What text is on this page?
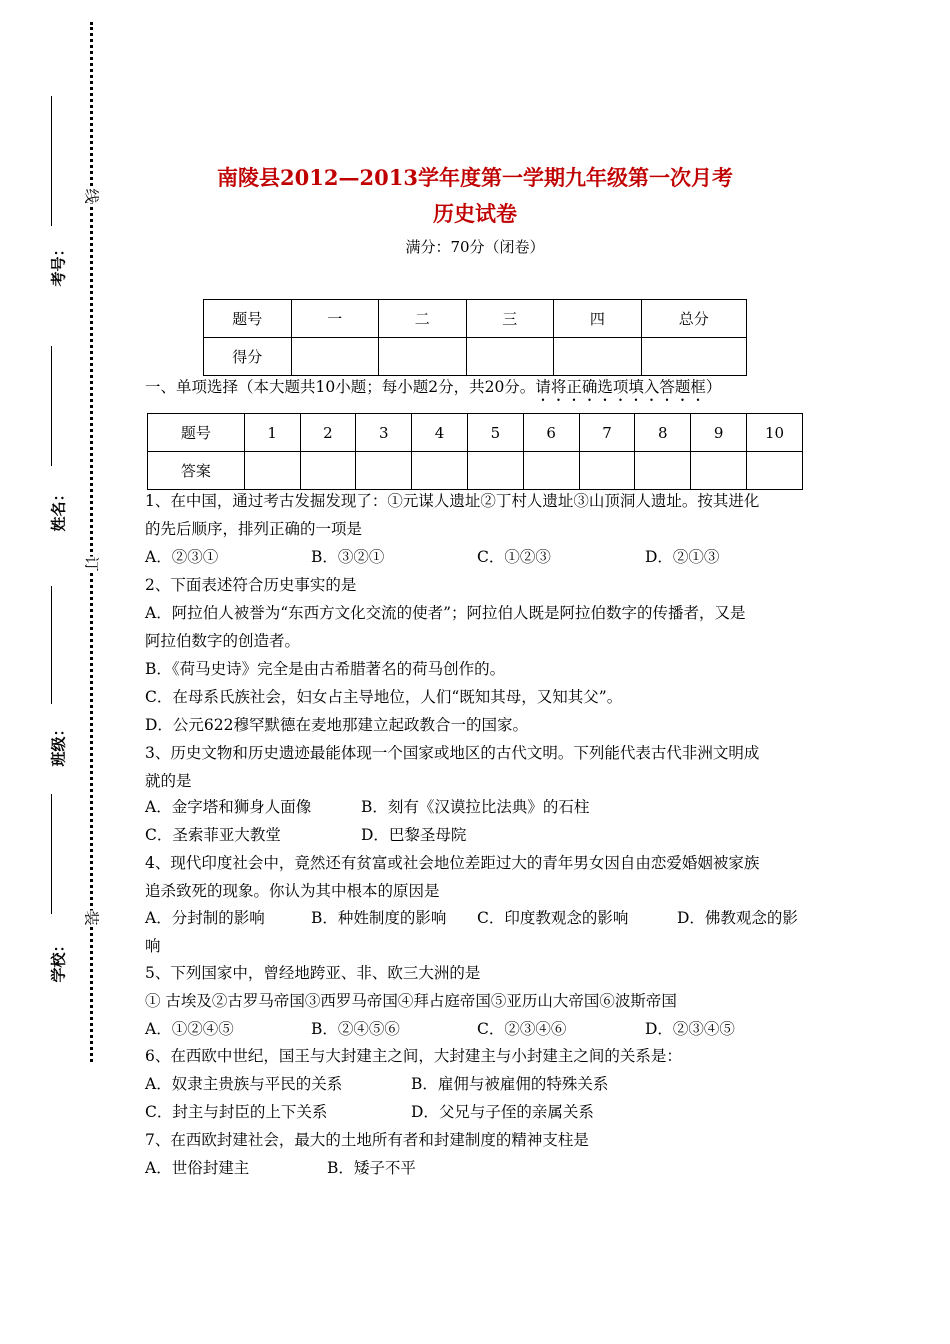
线
订
装
考号：
姓名：
班级：
学校：
南陵县2012—2013学年度第一学期九年级第一次月考
历史试卷
满分：70分（闭卷）
题号	一	二	三	四	总分
得分					
一、单项选择（本大题共10小题；每小题2分，共20分。请将正确选项填入答题框）
题号	1	2	3	4	5	6	7	8	9	10
答案										
1、在中国，通过考古发掘发现了：①元谋人遗址②丁村人遗址③山顶洞人遗址。按其进化
的先后顺序，排列正确的一项是
A．②③①	B．③②①	C．①②③	D．②①③
2、下面表述符合历史事实的是
A．阿拉伯人被誉为“东西方文化交流的使者”；阿拉伯人既是阿拉伯数字的传播者，又是
阿拉伯数字的创造者。
B．《荷马史诗》完全是由古希腊著名的荷马创作的。
C．在母系氏族社会，妇女占主导地位，人们“既知其母，又知其父”。
D．公元622穆罕默德在麦地那建立起政教合一的国家。
3、历史文物和历史遗迹最能体现一个国家或地区的古代文明。下列能代表古代非洲文明成
就的是
A．金字塔和狮身人面像	B．刻有《汉谟拉比法典》的石柱
C．圣索菲亚大教堂	D．巴黎圣母院
4、现代印度社会中，竟然还有贫富或社会地位差距过大的青年男女因自由恋爱婚姻被家族
追杀致死的现象。你认为其中根本的原因是
A．分封制的影响	B．种姓制度的影响 C．印度教观念的影响	D．佛教观念的影
响
5、下列国家中，曾经地跨亚、非、欧三大洲的是
① 古埃及②古罗马帝国③西罗马帝国④拜占庭帝国⑤亚历山大帝国⑥波斯帝国
A．①②④⑤	B．②④⑤⑥	C．②③④⑥	D．②③④⑤
6、在西欧中世纪，国王与大封建主之间，大封建主与小封建主之间的关系是：
A．奴隶主贵族与平民的关系	B．雇佣与被雇佣的特殊关系
C．封主与封臣的上下关系	D．父兄与子侄的亲属关系
7、在西欧封建社会，最大的土地所有者和封建制度的精神支柱是
A．世俗封建主	B．矮子不平
